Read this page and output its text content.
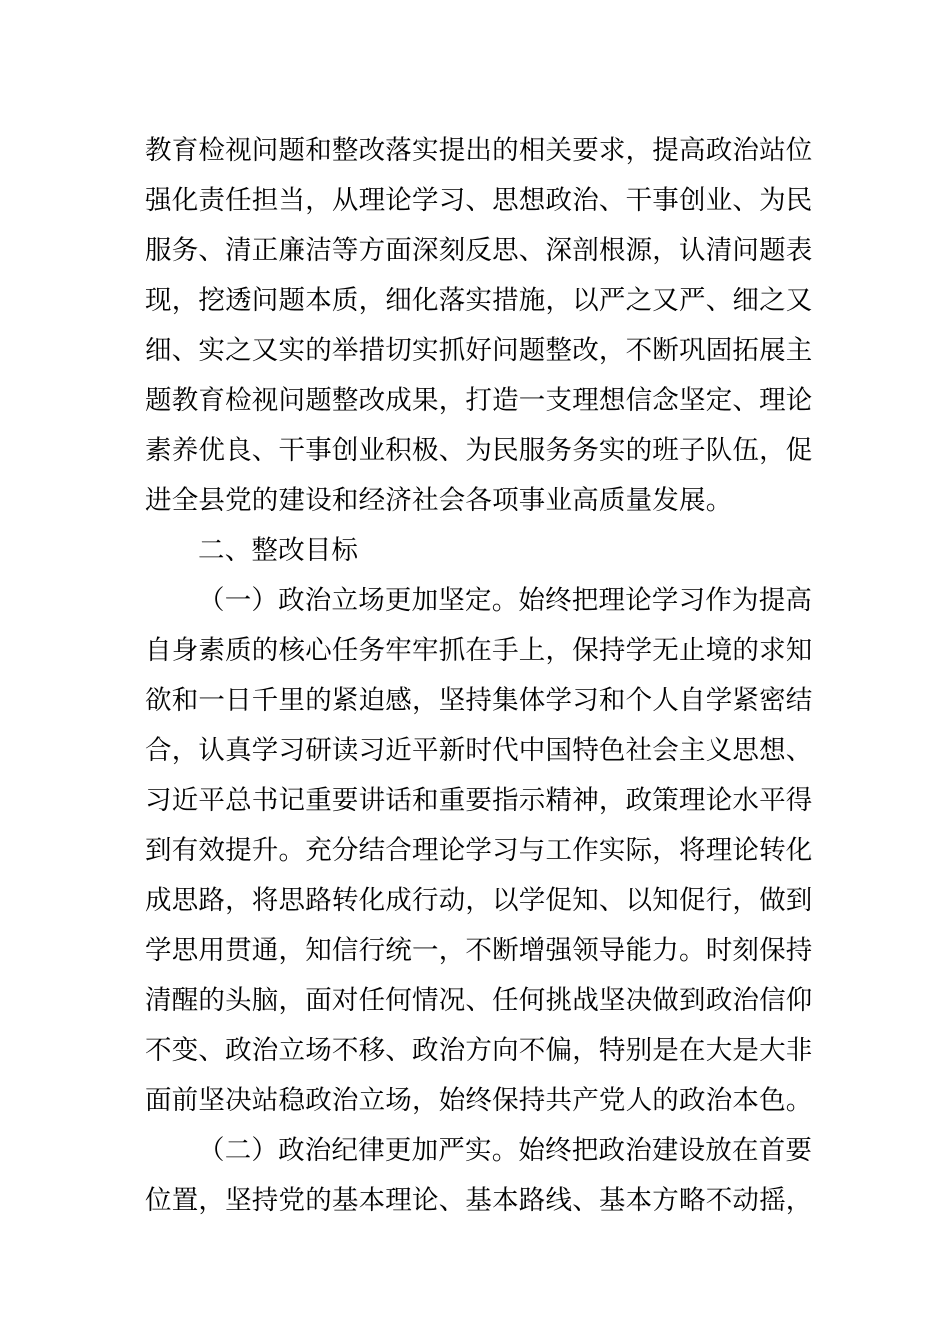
教育检视问题和整改落实提出的相关要求，提高政治站位
强化责任担当，从理论学习、思想政治、干事创业、为民
服务、清正廉洁等方面深刻反思、深剖根源，认清问题表
现，挖透问题本质，细化落实措施，以严之又严、细之又
细、实之又实的举措切实抓好问题整改，不断巩固拓展主
题教育检视问题整改成果，打造一支理想信念坚定、理论
素养优良、干事创业积极、为民服务务实的班子队伍，促
进全县党的建设和经济社会各项事业高质量发展。
二、整改目标
（一）政治立场更加坚定。始终把理论学习作为提高
自身素质的核心任务牢牢抓在手上，保持学无止境的求知
欲和一日千里的紧迫感，坚持集体学习和个人自学紧密结
合，认真学习研读习近平新时代中国特色社会主义思想、
习近平总书记重要讲话和重要指示精神，政策理论水平得
到有效提升。充分结合理论学习与工作实际，将理论转化
成思路，将思路转化成行动，以学促知、以知促行，做到
学思用贯通，知信行统一，不断增强领导能力。时刻保持
清醒的头脑，面对任何情况、任何挑战坚决做到政治信仰
不变、政治立场不移、政治方向不偏，特别是在大是大非
面前坚决站稳政治立场，始终保持共产党人的政治本色。
（二）政治纪律更加严实。始终把政治建设放在首要
位置，坚持党的基本理论、基本路线、基本方略不动摇，
